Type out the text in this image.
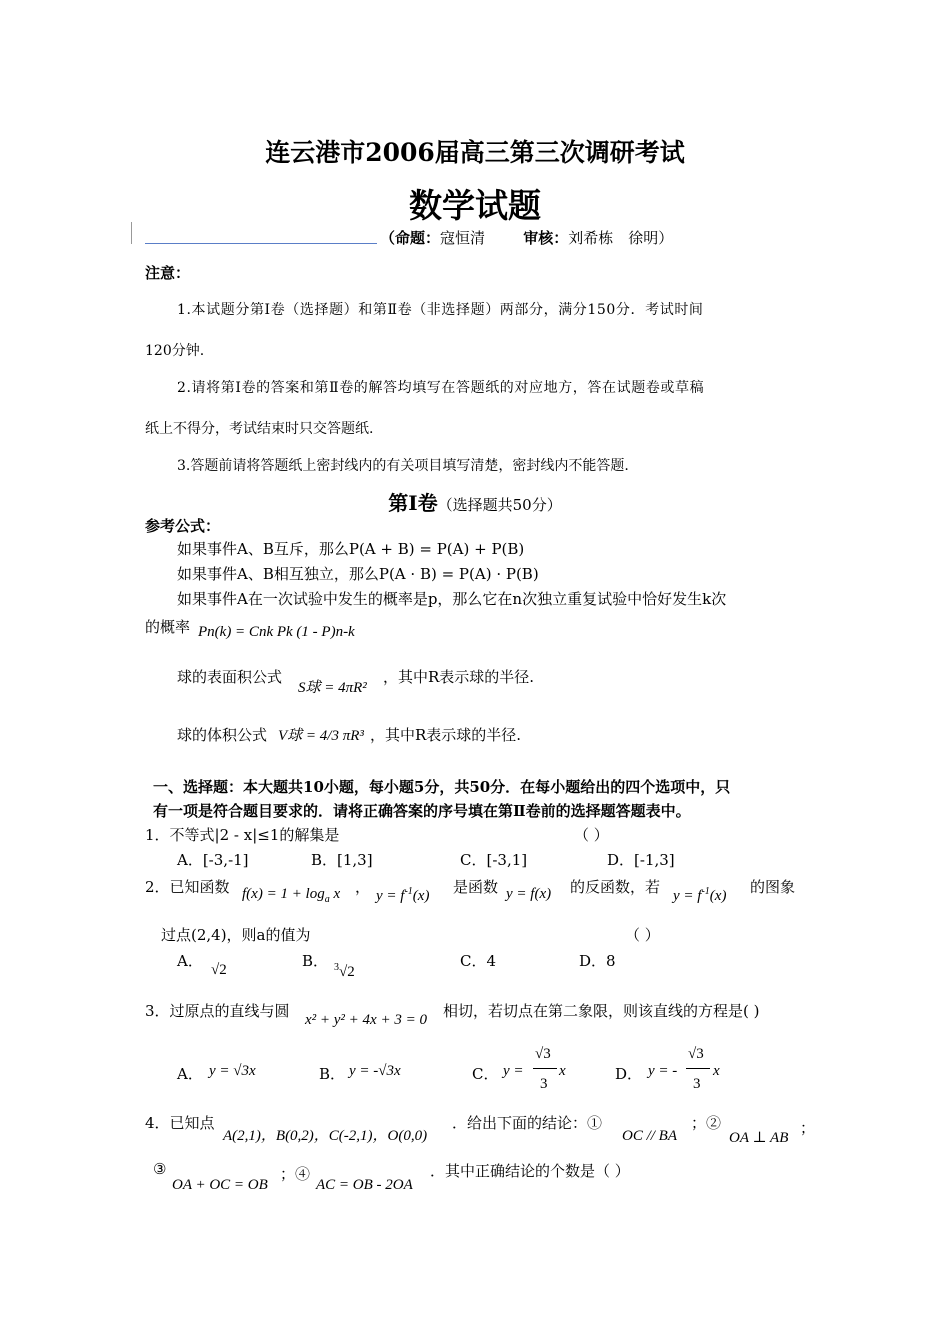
连云港市2006届高三第三次调研考试
数学试题
（命题：寇恒清	审核：刘希栋　徐明）
注意：
1.本试题分第Ⅰ卷（选择题）和第Ⅱ卷（非选择题）两部分，满分150分．考试时间
120分钟.
2.请将第Ⅰ卷的答案和第Ⅱ卷的解答均填写在答题纸的对应地方，答在试题卷或草稿
纸上不得分，考试结束时只交答题纸.
3.答题前请将答题纸上密封线内的有关项目填写清楚，密封线内不能答题.
第Ⅰ卷（选择题共50分）
参考公式：
如果事件A、B互斥，那么P(A + B) = P(A) + P(B)
如果事件A、B相互独立，那么P(A · B) = P(A) · P(B)
如果事件A在一次试验中发生的概率是p，那么它在n次独立重复试验中恰好发生k次
的概率 Pn(k) = Cnk Pk (1 - P)n-k
球的表面积公式
S球 = 4πR²
，其中R表示球的半径.
球的体积公式 V球 = 4/3 πR³ ，其中R表示球的半径.
一、选择题：本大题共10小题，每小题5分，共50分．在每小题给出的四个选项中，只
有一项是符合题目要求的．请将正确答案的序号填在第Ⅱ卷前的选择题答题表中。
1．不等式|2 - x|≤1的解集是	（ ）
A．[-3,-1]	B．[1,3]	C．[-3,1]	D．[-1,3]
2．已知函数 $f(x) = 1 + \log_a x$ ， $y = f^{-1}(x)$ 是函数 y = f(x) 的反函数，若 $y = f^{-1}(x)$ 的图象
过点(2,4)，则a的值为	（ ）
A． √2	B． $^3$√2
C．4	D．8
3．过原点的直线与圆 x² + y² + 4x + 3 = 0 相切，若切点在第二象限，则该直线的方程是( )
A． y = √3x	B． y = -√3x	C． y =
√3
3
x	D． y = -
√3
3
x
4．已知点
A(2,1)，B(0,2)，C(-2,1)，O(0,0)
．给出下面的结论：①
OC // BA
；②
OA ⊥ AB
；
③
OA + OC = OB
；④
AC = OB - 2OA
．其中正确结论的个数是（ ）
